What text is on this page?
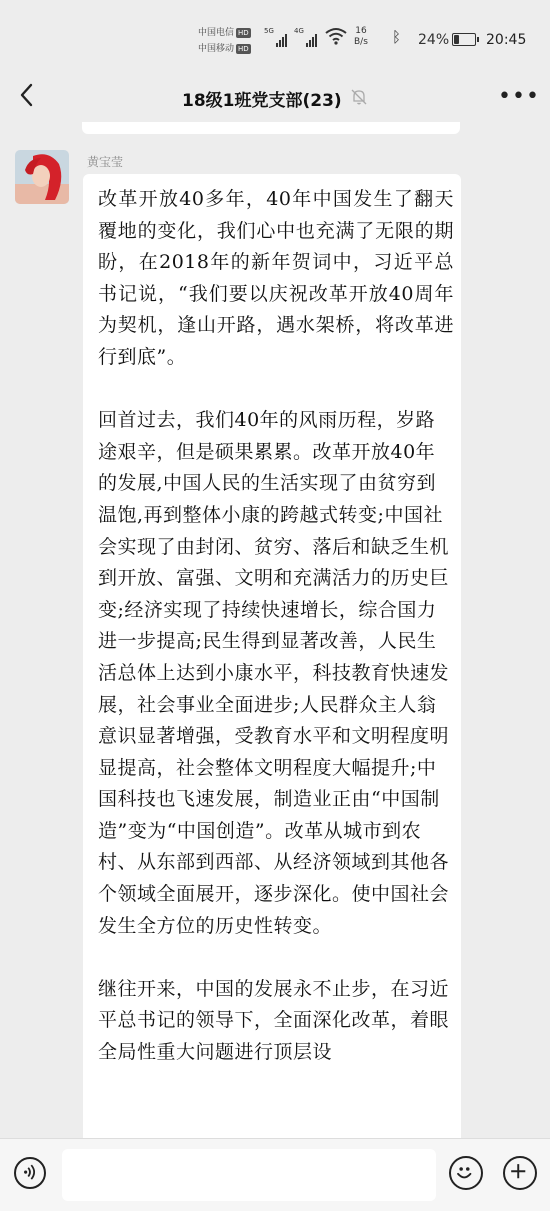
中国电信 HD
中国移动 HD
5G	4G	16
B/s ᛒ 24%	20:45
18级1班党支部(23)	•••
黄宝莹

改革开放40多年，40年中国发生了翻天覆地的变化，我们心中也充满了无限的期盼，在2018年的新年贺词中，习近平总书记说，“我们要以庆祝改革开放40周年为契机，逢山开路，遇水架桥，将改革进行到底”。

回首过去，我们40年的风雨历程，岁路途艰辛，但是硕果累累。改革开放40年的发展,中国人民的生活实现了由贫穷到温饱,再到整体小康的跨越式转变;中国社会实现了由封闭、贫穷、落后和缺乏生机到开放、富强、文明和充满活力的历史巨变;经济实现了持续快速增长，综合国力进一步提高;民生得到显著改善，人民生活总体上达到小康水平，科技教育快速发展，社会事业全面进步;人民群众主人翁意识显著增强，受教育水平和文明程度明显提高，社会整体文明程度大幅提升;中国科技也飞速发展，制造业正由“中国制造”变为“中国创造”。改革从城市到农村、从东部到西部、从经济领域到其他各个领域全面展开，逐步深化。使中国社会发生全方位的历史性转变。

继往开来，中国的发展永不止步，在习近平总书记的领导下，全面深化改革，着眼全局性重大问题进行顶层设
